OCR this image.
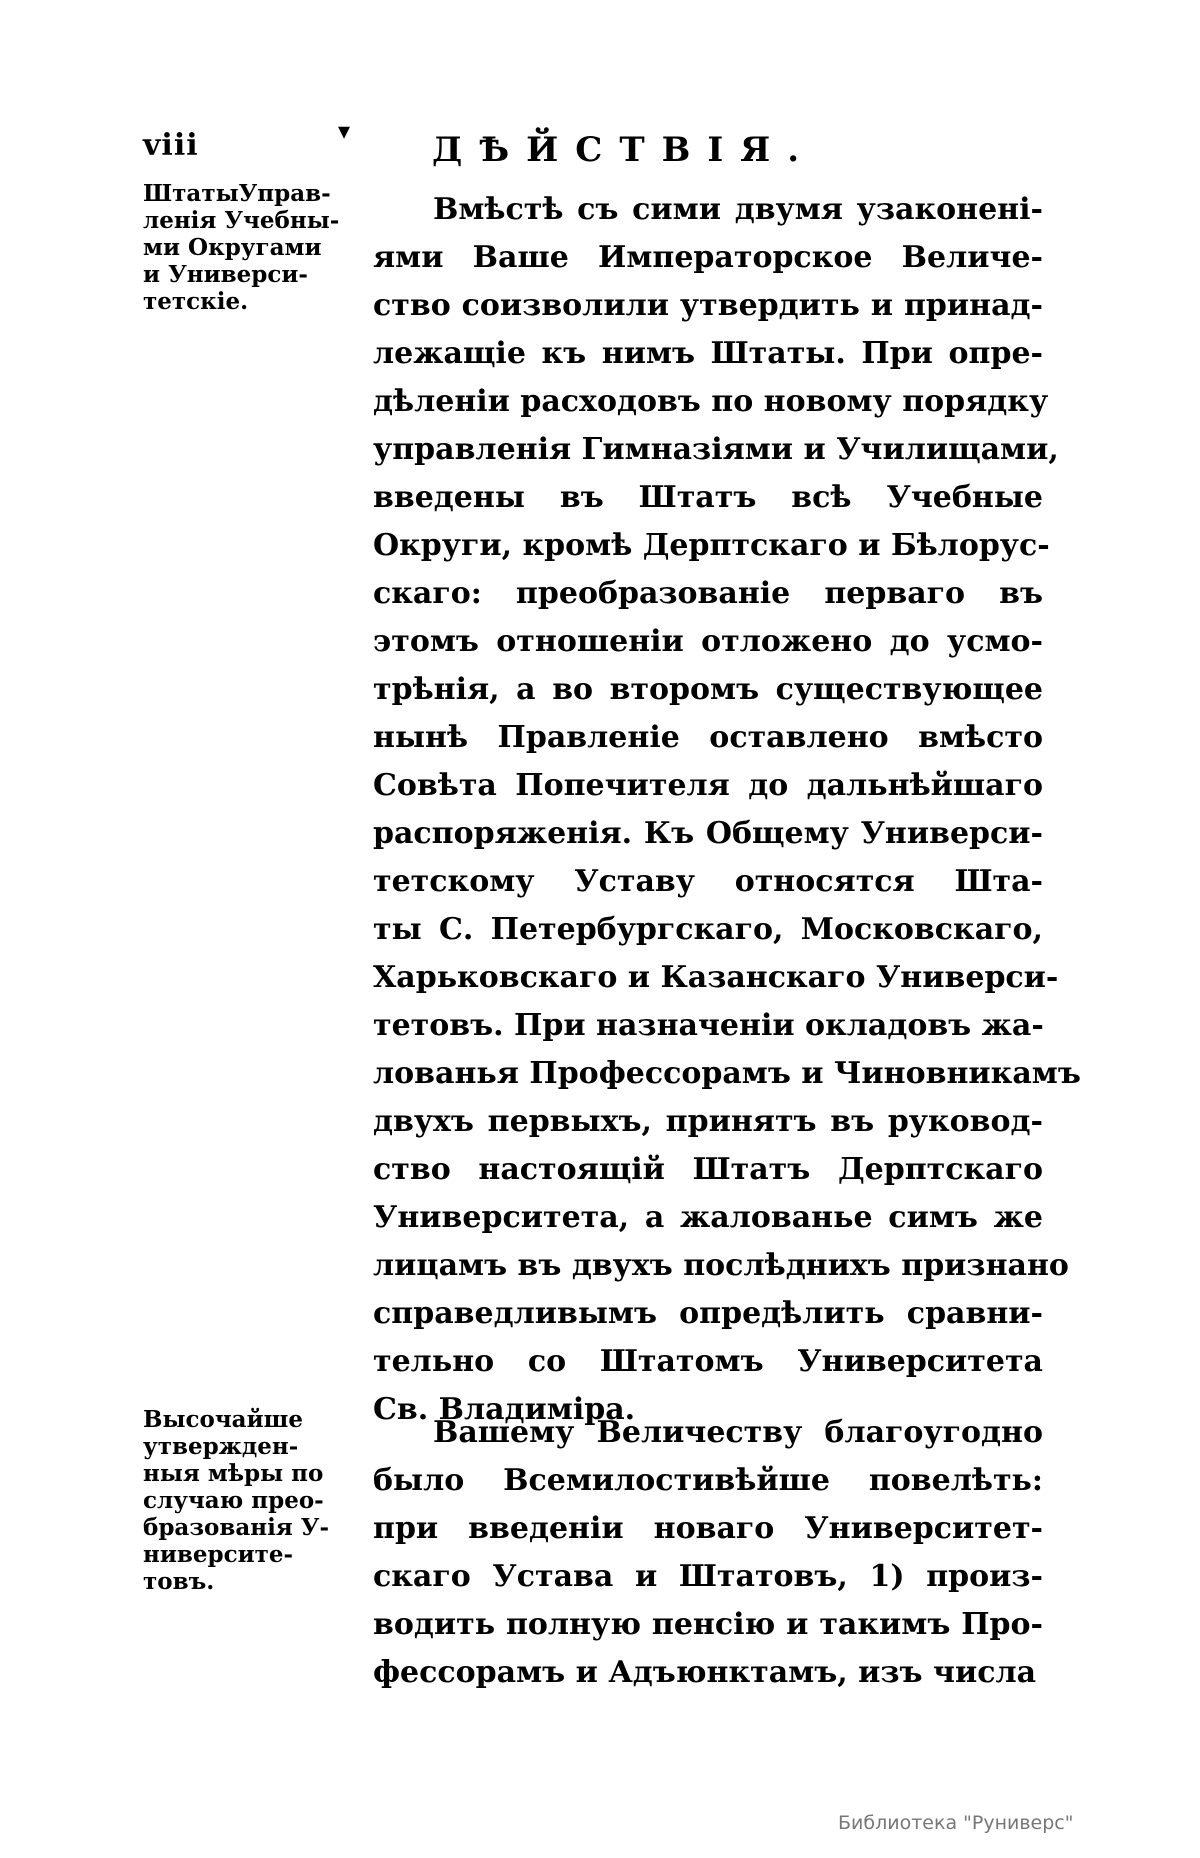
viii	▾ ДѢЙСТВІЯ.
ШтатыУправ-
ленія Учебны-
ми Округами
и Универси-
тетскіе.
Высочайше
утвержден-
ныя мѣры по
случаю прео-
бразованія У-
ниверсите-
товъ.
Вмѣстѣ съ сими двумя узаконені-
ями Ваше Императорское Величе-
ство соизволили утвердить и принад-
лежащіе къ нимъ Штаты. При опре-
дѣленіи расходовъ по новому порядку
управленія Гимназіями и Училищами,
введены въ Штатъ всѣ Учебные
Округи, кромѣ Дерптскаго и Бѣлорус-
скаго: преобразованіе перваго въ
этомъ отношеніи отложено до усмо-
трѣнія, а во второмъ существующее
нынѣ Правленіе оставлено вмѣсто
Совѣта Попечителя до дальнѣйшаго
распоряженія. Къ Общему Универси-
тетскому Уставу относятся Шта-
ты С. Петербургскаго, Московскаго,
Харьковскаго и Казанскаго Универси-
тетовъ. При назначеніи окладовъ жа-
лованья Профессорамъ и Чиновникамъ
двухъ первыхъ, принятъ въ руковод-
ство настоящій Штатъ Дерптскаго
Университета, а жалованье симъ же
лицамъ въ двухъ послѣднихъ признано
справедливымъ опредѣлить сравни-
тельно со Штатомъ Университета
Св. Владиміра.
Вашему Величеству благоугодно
было Всемилостивѣйше повелѣть:
при введеніи новаго Университет-
скаго Устава и Штатовъ, 1) произ-
водить полную пенсію и такимъ Про-
фессорамъ и Адъюнктамъ, изъ числа
Библиотека "Руниверс"
